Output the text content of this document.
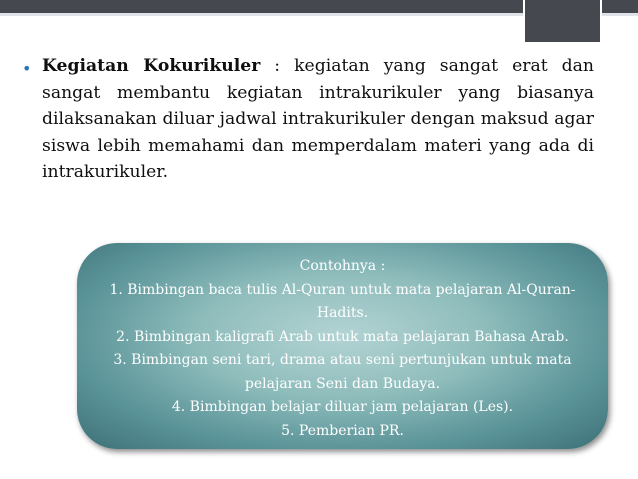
• Kegiatan Kokurikuler : kegiatan yang sangat erat dan sangat membantu kegiatan intrakurikuler yang biasanya dilaksanakan diluar jadwal intrakurikuler dengan maksud agar siswa lebih memahami dan memperdalam materi yang ada di intrakurikuler.
Contohnya :
1. Bimbingan baca tulis Al-Quran untuk mata pelajaran Al-Quran-Hadits.
2. Bimbingan kaligrafi Arab untuk mata pelajaran Bahasa Arab.
3. Bimbingan seni tari, drama atau seni pertunjukan untuk mata pelajaran Seni dan Budaya.
4. Bimbingan belajar diluar jam pelajaran (Les).
5. Pemberian PR.
